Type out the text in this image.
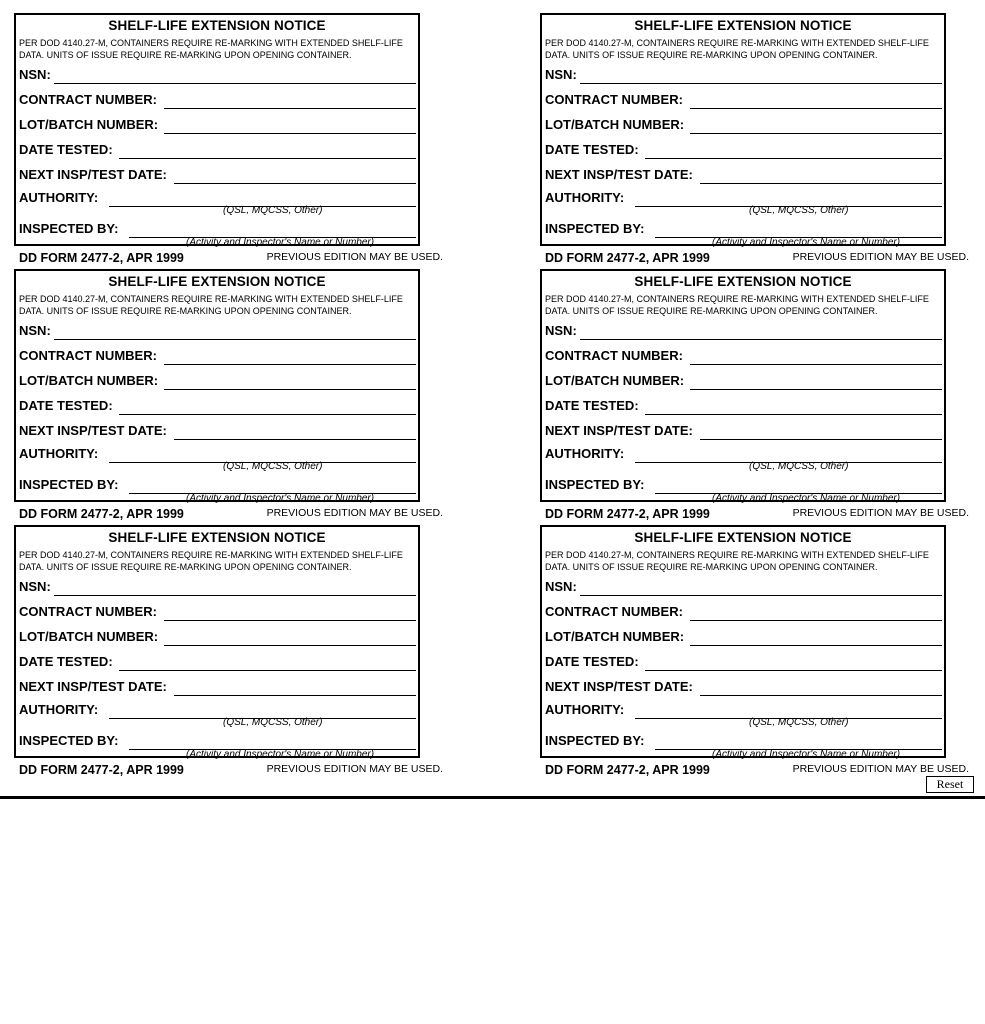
SHELF-LIFE EXTENSION NOTICE
PER DOD 4140.27-M, CONTAINERS REQUIRE RE-MARKING WITH EXTENDED SHELF-LIFE
DATA. UNITS OF ISSUE REQUIRE RE-MARKING UPON OPENING CONTAINER.
NSN:
CONTRACT NUMBER:
LOT/BATCH NUMBER:
DATE TESTED:
NEXT INSP/TEST DATE:
AUTHORITY:
INSPECTED BY:
(QSL, MQCSS, Other)
(Activity and Inspector's Name or Number)
DD FORM 2477-2, APR 1999	PREVIOUS EDITION MAY BE USED.
SHELF-LIFE EXTENSION NOTICE
PER DOD 4140.27-M, CONTAINERS REQUIRE RE-MARKING WITH EXTENDED SHELF-LIFE
DATA. UNITS OF ISSUE REQUIRE RE-MARKING UPON OPENING CONTAINER.
NSN:
CONTRACT NUMBER:
LOT/BATCH NUMBER:
DATE TESTED:
NEXT INSP/TEST DATE:
AUTHORITY:
INSPECTED BY:
(QSL, MQCSS, Other)
(Activity and Inspector's Name or Number)
DD FORM 2477-2, APR 1999	PREVIOUS EDITION MAY BE USED.
SHELF-LIFE EXTENSION NOTICE
PER DOD 4140.27-M, CONTAINERS REQUIRE RE-MARKING WITH EXTENDED SHELF-LIFE
DATA. UNITS OF ISSUE REQUIRE RE-MARKING UPON OPENING CONTAINER.
NSN:
CONTRACT NUMBER:
LOT/BATCH NUMBER:
DATE TESTED:
NEXT INSP/TEST DATE:
AUTHORITY:
INSPECTED BY:
(QSL, MQCSS, Other)
(Activity and Inspector's Name or Number)
DD FORM 2477-2, APR 1999	PREVIOUS EDITION MAY BE USED.
SHELF-LIFE EXTENSION NOTICE
PER DOD 4140.27-M, CONTAINERS REQUIRE RE-MARKING WITH EXTENDED SHELF-LIFE
DATA. UNITS OF ISSUE REQUIRE RE-MARKING UPON OPENING CONTAINER.
NSN:
CONTRACT NUMBER:
LOT/BATCH NUMBER:
DATE TESTED:
NEXT INSP/TEST DATE:
AUTHORITY:
INSPECTED BY:
(QSL, MQCSS, Other)
(Activity and Inspector's Name or Number)
DD FORM 2477-2, APR 1999	PREVIOUS EDITION MAY BE USED.
SHELF-LIFE EXTENSION NOTICE
PER DOD 4140.27-M, CONTAINERS REQUIRE RE-MARKING WITH EXTENDED SHELF-LIFE
DATA. UNITS OF ISSUE REQUIRE RE-MARKING UPON OPENING CONTAINER.
NSN:
CONTRACT NUMBER:
LOT/BATCH NUMBER:
DATE TESTED:
NEXT INSP/TEST DATE:
AUTHORITY:
INSPECTED BY:
(QSL, MQCSS, Other)
(Activity and Inspector's Name or Number)
DD FORM 2477-2, APR 1999	PREVIOUS EDITION MAY BE USED.
SHELF-LIFE EXTENSION NOTICE
PER DOD 4140.27-M, CONTAINERS REQUIRE RE-MARKING WITH EXTENDED SHELF-LIFE
DATA. UNITS OF ISSUE REQUIRE RE-MARKING UPON OPENING CONTAINER.
NSN:
CONTRACT NUMBER:
LOT/BATCH NUMBER:
DATE TESTED:
NEXT INSP/TEST DATE:
AUTHORITY:
INSPECTED BY:
(QSL, MQCSS, Other)
(Activity and Inspector's Name or Number)
DD FORM 2477-2, APR 1999	PREVIOUS EDITION MAY BE USED.
Reset
